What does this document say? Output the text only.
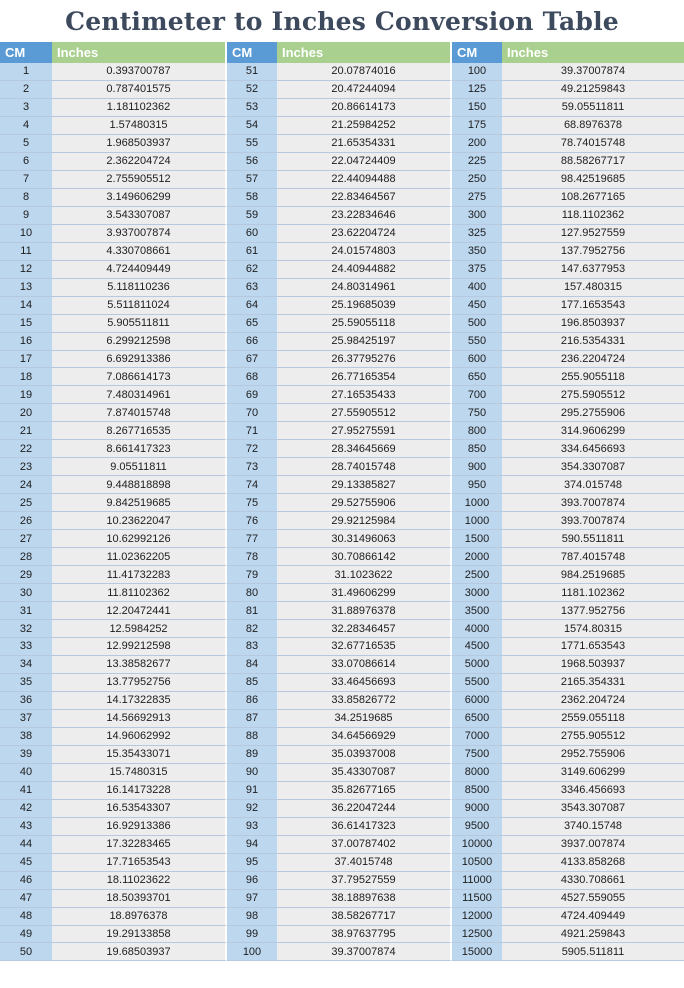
Centimeter to Inches Conversion Table
CM	Inches	CM	Inches	CM	Inches
1	0.393700787	51	20.07874016	100	39.37007874
2	0.787401575	52	20.47244094	125	49.21259843
3	1.181102362	53	20.86614173	150	59.05511811
4	1.57480315	54	21.25984252	175	68.8976378
5	1.968503937	55	21.65354331	200	78.74015748
6	2.362204724	56	22.04724409	225	88.58267717
7	2.755905512	57	22.44094488	250	98.42519685
8	3.149606299	58	22.83464567	275	108.2677165
9	3.543307087	59	23.22834646	300	118.1102362
10	3.937007874	60	23.62204724	325	127.9527559
11	4.330708661	61	24.01574803	350	137.7952756
12	4.724409449	62	24.40944882	375	147.6377953
13	5.118110236	63	24.80314961	400	157.480315
14	5.511811024	64	25.19685039	450	177.1653543
15	5.905511811	65	25.59055118	500	196.8503937
16	6.299212598	66	25.98425197	550	216.5354331
17	6.692913386	67	26.37795276	600	236.2204724
18	7.086614173	68	26.77165354	650	255.9055118
19	7.480314961	69	27.16535433	700	275.5905512
20	7.874015748	70	27.55905512	750	295.2755906
21	8.267716535	71	27.95275591	800	314.9606299
22	8.661417323	72	28.34645669	850	334.6456693
23	9.05511811	73	28.74015748	900	354.3307087
24	9.448818898	74	29.13385827	950	374.015748
25	9.842519685	75	29.52755906	1000	393.7007874
26	10.23622047	76	29.92125984	1000	393.7007874
27	10.62992126	77	30.31496063	1500	590.5511811
28	11.02362205	78	30.70866142	2000	787.4015748
29	11.41732283	79	31.1023622	2500	984.2519685
30	11.81102362	80	31.49606299	3000	1181.102362
31	12.20472441	81	31.88976378	3500	1377.952756
32	12.5984252	82	32.28346457	4000	1574.80315
33	12.99212598	83	32.67716535	4500	1771.653543
34	13.38582677	84	33.07086614	5000	1968.503937
35	13.77952756	85	33.46456693	5500	2165.354331
36	14.17322835	86	33.85826772	6000	2362.204724
37	14.56692913	87	34.2519685	6500	2559.055118
38	14.96062992	88	34.64566929	7000	2755.905512
39	15.35433071	89	35.03937008	7500	2952.755906
40	15.7480315	90	35.43307087	8000	3149.606299
41	16.14173228	91	35.82677165	8500	3346.456693
42	16.53543307	92	36.22047244	9000	3543.307087
43	16.92913386	93	36.61417323	9500	3740.15748
44	17.32283465	94	37.00787402	10000	3937.007874
45	17.71653543	95	37.4015748	10500	4133.858268
46	18.11023622	96	37.79527559	11000	4330.708661
47	18.50393701	97	38.18897638	11500	4527.559055
48	18.8976378	98	38.58267717	12000	4724.409449
49	19.29133858	99	38.97637795	12500	4921.259843
50	19.68503937	100	39.37007874	15000	5905.511811
